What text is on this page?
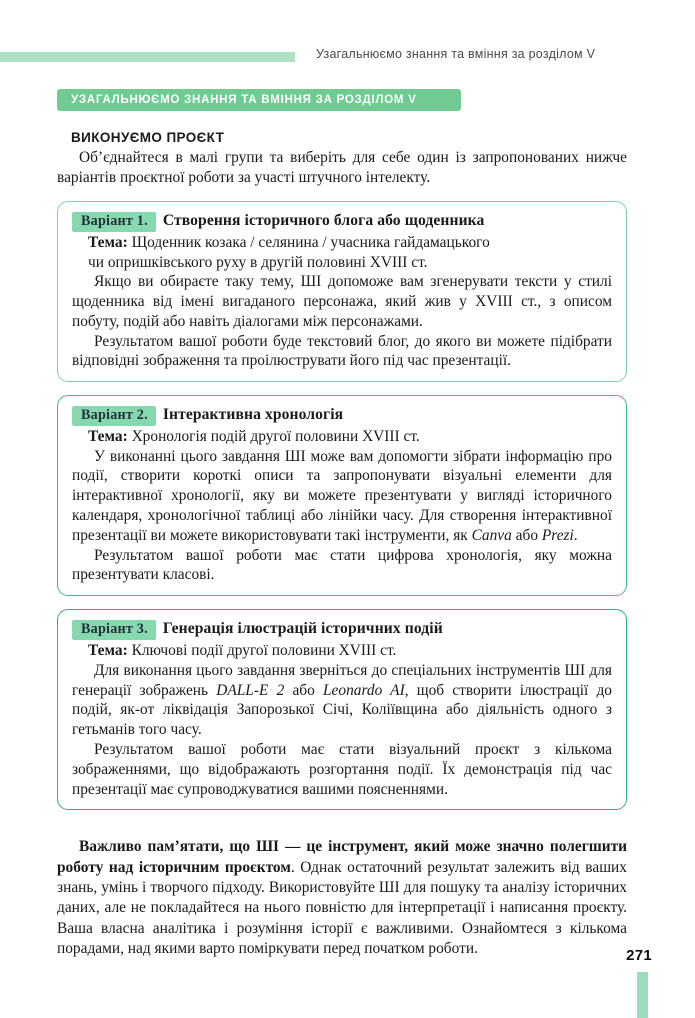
Узагальнюємо знання та вміння за розділом V
УЗАГАЛЬНЮЄМО ЗНАННЯ ТА ВМІННЯ ЗА РОЗДІЛОМ V
ВИКОНУЄМО ПРОЄКТ

Об’єднайтеся в малі групи та виберіть для себе один із запропонованих нижче варіантів проєктної роботи за участі штучного інтелекту.

Варіант 1. Створення історичного блога або щоденника

Тема: Щоденник козака / селянина / учасника гайдамацького

чи опришківського руху в другій половині XVIII ст.

Якщо ви обираєте таку тему, ШІ допоможе вам згенерувати тексти у стилі щоденника від імені вигаданого персонажа, який жив у XVIII ст., з описом побуту, подій або навіть діалогами між персонажами.

Результатом вашої роботи буде текстовий блог, до якого ви можете підібрати відповідні зображення та проілюструвати його під час презентації.

Варіант 2. Інтерактивна хронологія

Тема: Хронологія подій другої половини XVIII ст.

У виконанні цього завдання ШІ може вам допомогти зібрати інформацію про події, створити короткі описи та запропонувати візуальні елементи для інтерактивної хронології, яку ви можете презентувати у вигляді історичного календаря, хронологічної таблиці або лінійки часу. Для створення інтерактивної презентації ви можете використовувати такі інструменти, як Canva або Prezi.

Результатом вашої роботи має стати цифрова хронологія, яку можна презентувати класові.

Варіант 3. Генерація ілюстрацій історичних подій

Тема: Ключові події другої половини XVIII ст.

Для виконання цього завдання зверніться до спеціальних інструментів ШІ для генерації зображень DALL-E 2 або Leonardo AI, щоб створити ілюстрації до подій, як-от ліквідація Запорозької Січі, Коліївщина або діяльність одного з гетьманів того часу.

Результатом вашої роботи має стати візуальний проєкт з кількома зображеннями, що відображають розгортання події. Їх демонстрація під час презентації має супроводжуватися вашими поясненнями.

Важливо пам’ятати, що ШІ — це інструмент, який може значно полегшити роботу над історичним проєктом. Однак остаточний результат залежить від ваших знань, умінь і творчого підходу. Використовуйте ШІ для пошуку та аналізу історичних даних, але не покладайтеся на нього повністю для інтерпретації і написання проєкту. Ваша власна аналітика і розуміння історії є важливими. Ознайомтеся з кількома порадами, над якими варто поміркувати перед початком роботи.	271
